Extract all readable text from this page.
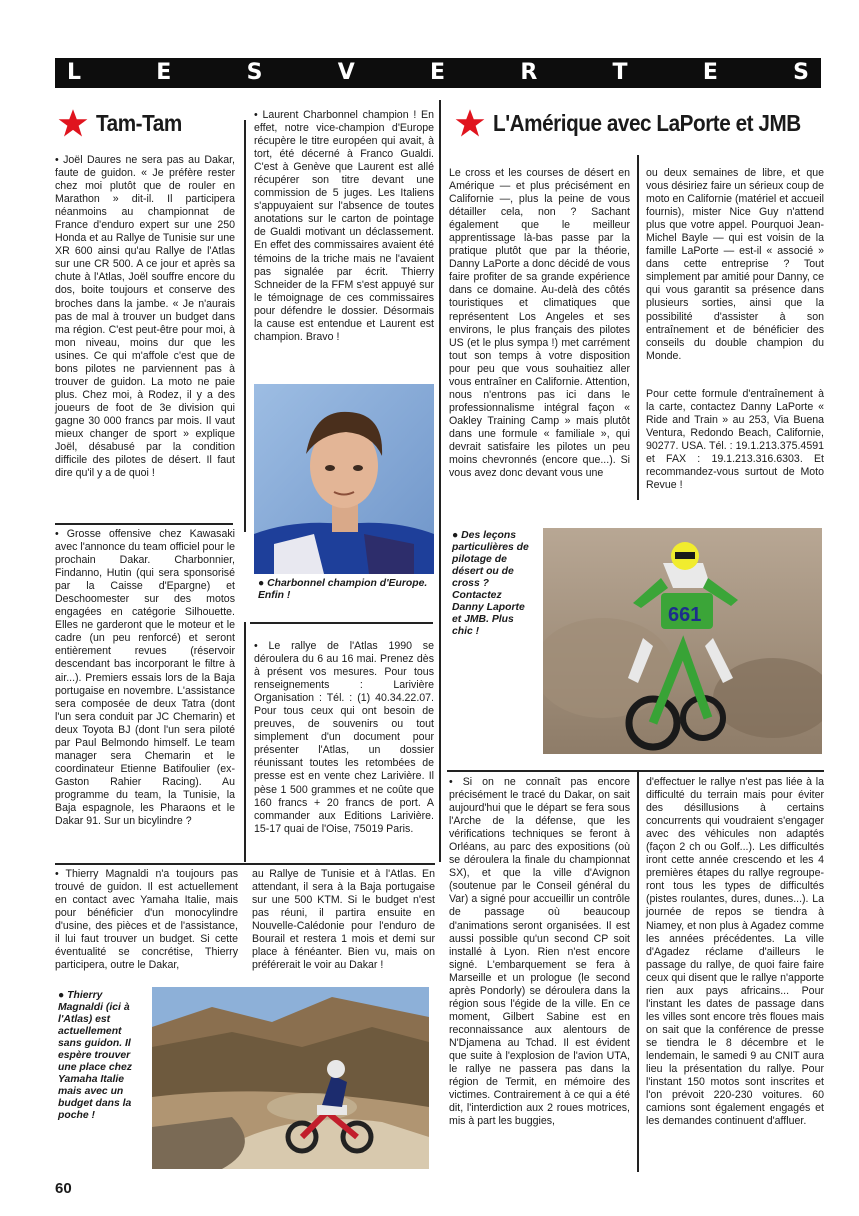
L	E	S	V	E	R	T	E	S
Tam-Tam

• Joël Daures ne sera pas au Dakar, faute de guidon. « Je préfère rester chez moi plutôt que de rouler en Marathon » dit-il. Il participera néanmoins au championnat de France d'enduro expert sur une 250 Honda et au Rallye de Tunisie sur une XR 600 ainsi qu'au Rallye de l'Atlas sur une CR 500. A ce jour et après sa chute à l'Atlas, Joël souffre encore du dos, boite toujours et conserve des broches dans la jambe. « Je n'aurais pas de mal à trouver un budget dans ma région. C'est peut-être pour moi, à mon niveau, moins dur que les usines. Ce qui m'affole c'est que de bons pilotes ne parviennent pas à trouver de guidon. La moto ne paie plus. Chez moi, à Rodez, il y a des joueurs de foot de 3e division qui gagne 30 000 francs par mois. Il vaut mieux changer de sport » explique Joël, désabusé par la condition difficile des pilotes de désert. Il faut dire qu'il y a de quoi !

• Grosse offensive chez Kawasaki avec l'annonce du team officiel pour le prochain Dakar. Charbonnier, Findanno, Hutin (qui sera sponsorisé par la Caisse d'Epargne) et Deschoomester sur des motos engagées en catégorie Silhouette. Elles ne garderont que le moteur et le cadre (un peu renforcé) et seront entièrement revues (réservoir descendant bas incorporant le filtre à air...). Premiers essais lors de la Baja portugaise en novembre. L'assistance sera composée de deux Tatra (dont l'un sera conduit par JC Chemarin) et deux Toyota BJ (dont l'un sera piloté par Paul Belmondo himself. Le team manager sera Chemarin et le coordinateur Etienne Batifoulier (ex-Gaston Rahier Racing). Au programme du team, la Tunisie, la Baja espagnole, les Pharaons et le Dakar 91. Sur un bicylindre ?

• Laurent Charbonnel champion ! En effet, notre vice-champion d'Europe récupère le titre européen qui avait, à tort, été décerné à Franco Gualdi. C'est à Genève que Laurent est allé récupérer son titre devant une commission de 5 juges. Les Italiens s'appuyaient sur l'absence de toutes anotations sur le carton de pointage de Gualdi motivant un déclassement. En effet des commissaires avaient été témoins de la triche mais ne l'avaient pas signalée par écrit. Thierry Schneider de la FFM s'est appuyé sur le témoignage de ces commissaires pour défendre le dossier. Désormais la cause est entendue et Laurent est champion. Bravo !

● Charbonnel champion d'Europe. Enfin !

• Le rallye de l'Atlas 1990 se déroulera du 6 au 16 mai. Prenez dès à présent vos mesures. Pour tous renseignements : Larivière Organisation : Tél. : (1) 40.34.22.07. Pour tous ceux qui ont besoin de preuves, de souvenirs ou tout simplement d'un document pour présenter l'Atlas, un dossier réunissant toutes les retombées de presse est en vente chez Larivière. Il pèse 1 500 grammes et ne coûte que 160 francs + 20 francs de port. A commander aux Editions Larivière. 15-17 quai de l'Oise, 75019 Paris.

• Thierry Magnaldi n'a toujours pas trouvé de guidon. Il est actuellement en contact avec Yamaha Italie, mais pour bénéficier d'un monocylindre d'usine, des pièces et de l'assistance, il lui faut trouver un budget. Si cette éventualité se concrétise, Thierry participera, outre le Dakar,

au Rallye de Tunisie et à l'Atlas. En attendant, il sera à la Baja portugaise sur une 500 KTM. Si le budget n'est pas réuni, il partira ensuite en Nouvelle-Calédonie pour l'enduro de Bourail et restera 1 mois et demi sur place à fénéanter. Bien vu, mais on préférerait le voir au Dakar !

● Thierry Magnaldi (ici à l'Atlas) est actuellement sans guidon. Il espère trouver une place chez Yamaha Italie mais avec un budget dans la poche !

L'Amérique avec LaPorte et JMB

Le cross et les courses de désert en Amérique — et plus précisément en Californie —, plus la peine de vous détailler cela, non ? Sachant également que le meilleur apprentissage là-bas passe par la pratique plutôt que par la théorie, Danny LaPorte a donc décidé de vous faire profiter de sa grande expérience dans ce domaine. Au-delà des côtés touristiques et climatiques que représentent Los Angeles et ses environs, le plus français des pilotes US (et le plus sympa !) met carrément tout son temps à votre disposition pour peu que vous souhaitiez aller vous entraîner en Californie. Attention, nous n'entrons pas ici dans le professionnalisme intégral façon « Oakley Training Camp » mais plutôt dans une formule « familiale », qui devrait satisfaire les pilotes un peu moins chevronnés (encore que...). Si vous avez donc devant vous une

ou deux semaines de libre, et que vous désiriez faire un sérieux coup de moto en Californie (matériel et accueil fournis), mister Nice Guy n'attend plus que votre appel. Pourquoi Jean-Michel Bayle — qui est voisin de la famille LaPorte — est-il « associé » dans cette entreprise ? Tout simplement par amitié pour Danny, ce qui vous garantit sa présence dans plusieurs sorties, ainsi que la possibilité d'assister à son entraînement et de bénéficier des conseils du double champion du Monde.

Pour cette formule d'entraînement à la carte, contactez Danny LaPorte « Ride and Train » au 253, Via Buena Ventura, Redondo Beach, Californie, 90277. USA. Tél. : 19.1.213.375.4591 et FAX : 19.1.213.316.6303. Et recommandez-vous surtout de Moto Revue !

● Des leçons particulières de pilotage de désert ou de cross ? Contactez Danny Laporte et JMB. Plus chic !

661

• Si on ne connaît pas encore précisément le tracé du Dakar, on sait aujourd'hui que le départ se fera sous l'Arche de la défense, que les vérifications techniques se feront à Orléans, au parc des expositions (où se déroulera la finale du championnat SX), et que la ville d'Avignon (soutenue par le Conseil général du Var) a signé pour accueillir un contrôle de passage où beaucoup d'animations seront organisées. Il est aussi possible qu'un second CP soit installé à Lyon. Rien n'est encore signé. L'embarquement se fera à Marseille et un prologue (le second après Pondorly) se déroulera dans la région sous l'égide de la ville. En ce moment, Gilbert Sabine est en reconnaissance aux alentours de N'Djamena au Tchad. Il est évident que suite à l'explosion de l'avion UTA, le rallye ne passera pas dans la région de Termit, en mémoire des victimes. Contrairement à ce qui a été dit, l'interdiction aux 2 roues motrices, mis à part les buggies,

d'effectuer le rallye n'est pas liée à la difficulté du terrain mais pour éviter des désillusions à certains concurrents qui voudraient s'engager avec des véhicules non adaptés (façon 2 ch ou Golf...). Les difficultés iront cette année crescendo et les 4 premières étapes du rallye regroupe-ront tous les types de difficultés (pistes roulantes, dures, dunes...). La journée de repos se tiendra à Niamey, et non plus à Agadez comme les années précédentes. La ville d'Agadez réclame d'ailleurs le passage du rallye, de quoi faire faire ceux qui disent que le rallye n'apporte rien aux pays africains... Pour l'instant les dates de passage dans les villes sont encore très floues mais on sait que la conférence de presse se tiendra le 8 décembre et le lendemain, le samedi 9 au CNIT aura lieu la présentation du rallye. Pour l'instant 150 motos sont inscrites et l'on prévoit 220-230 voitures. 60 camions sont également engagés et les demandes continuent d'affluer.

60
